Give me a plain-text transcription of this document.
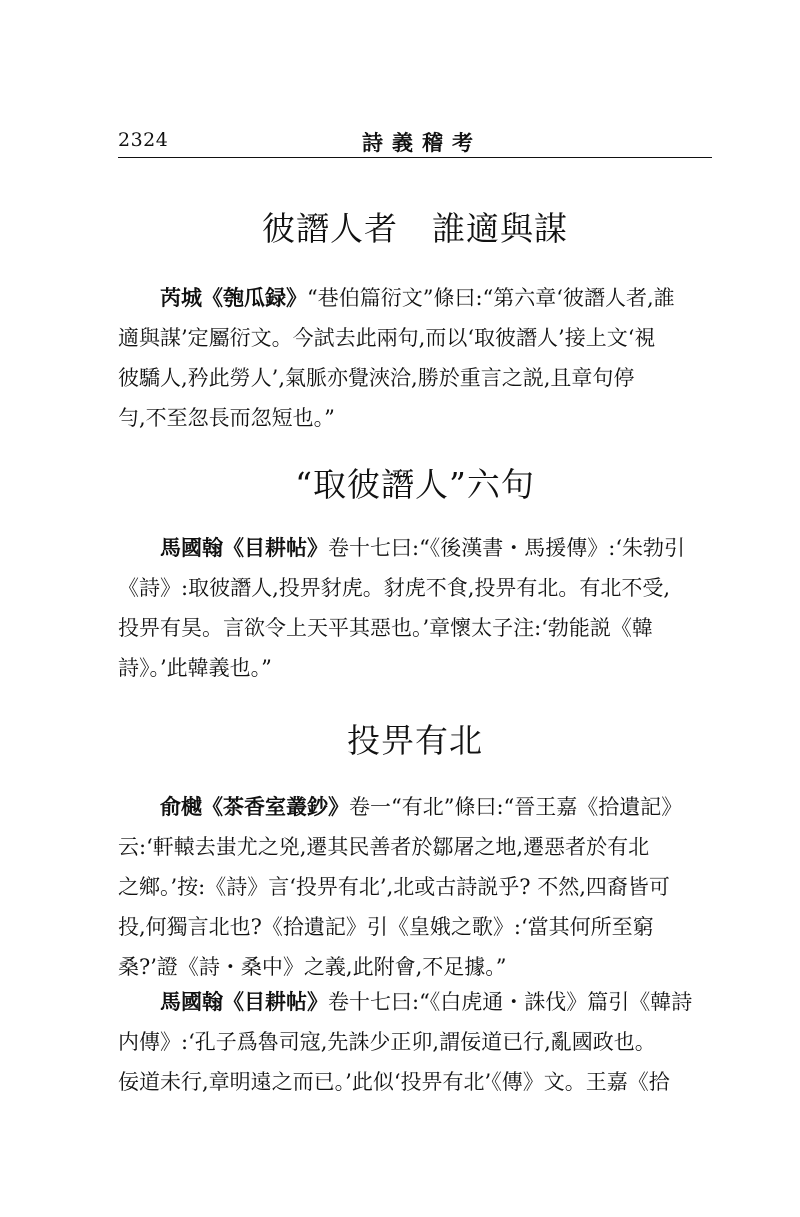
2324	詩義稽考
彼譖人者　誰適與謀
芮城《匏瓜録》“巷伯篇衍文”條曰:“第六章‘彼譖人者,誰
適與謀’定屬衍文。今試去此兩句,而以‘取彼譖人’接上文‘視
彼驕人,矜此勞人’,氣脈亦覺浹洽,勝於重言之説,且章句停
勻,不至忽長而忽短也。”
“取彼譖人”六句
馬國翰《目耕帖》卷十七曰:“《後漢書・馬援傳》:‘朱勃引
《詩》:取彼譖人,投畀豺虎。豺虎不食,投畀有北。有北不受,
投畀有昊。言欲令上天平其惡也。’章懷太子注:‘勃能説《韓
詩》。’此韓義也。”
投畀有北
俞樾《茶香室叢鈔》卷一“有北”條曰:“晉王嘉《拾遺記》
云:‘軒轅去蚩尤之兇,遷其民善者於鄒屠之地,遷惡者於有北
之鄉。’按:《詩》言‘投畀有北’,北或古詩説乎? 不然,四裔皆可
投,何獨言北也?《拾遺記》引《皇娥之歌》:‘當其何所至窮
桑?’證《詩・桑中》之義,此附會,不足據。”
馬國翰《目耕帖》卷十七曰:“《白虎通・誅伐》篇引《韓詩
内傳》:‘孔子爲魯司寇,先誅少正卯,謂佞道已行,亂國政也。
佞道未行,章明遠之而已。’此似‘投畀有北’《傳》文。王嘉《拾
